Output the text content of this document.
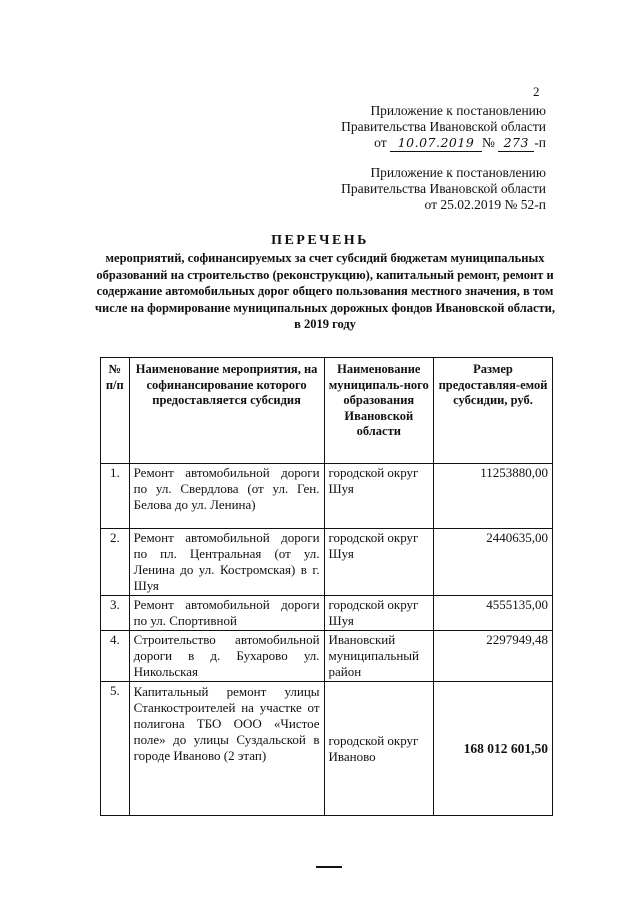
2
Приложение к постановлению
Правительства Ивановской области
от 10.07.2019 № 273 -п
Приложение к постановлению
Правительства Ивановской области
от 25.02.2019 № 52-п
ПЕРЕЧЕНЬ
мероприятий, софинансируемых за счет субсидий бюджетам муниципальных образований на строительство (реконструкцию), капитальный ремонт, ремонт и содержание автомобильных дорог общего пользования местного значения, в том числе на формирование муниципальных дорожных фондов Ивановской области, в 2019 году
№ п/п	Наименование мероприятия, на софинансирование которого предоставляется субсидия	Наименование муниципаль-ного образования Ивановской области	Размер предоставляя-емой субсидии, руб.
1.	Ремонт автомобильной дороги по ул. Свердлова (от ул. Ген. Белова до ул. Ленина)	городской округ Шуя	11253880,00
2.	Ремонт автомобильной дороги по пл. Центральная (от ул. Ленина до ул. Костромская) в г. Шуя	городской округ Шуя	2440635,00
3.	Ремонт автомобильной дороги по ул. Спортивной	городской округ Шуя	4555135,00
4.	Строительство автомобильной дороги в д. Бухарово ул. Никольская	Ивановский муниципальный район	2297949,48
5.	Капитальный ремонт улицы Станкостроителей на участке от полигона ТБО ООО «Чистое поле» до улицы Суздальской в городе Иваново (2 этап)	городской округ Иваново	168 012 601,50
